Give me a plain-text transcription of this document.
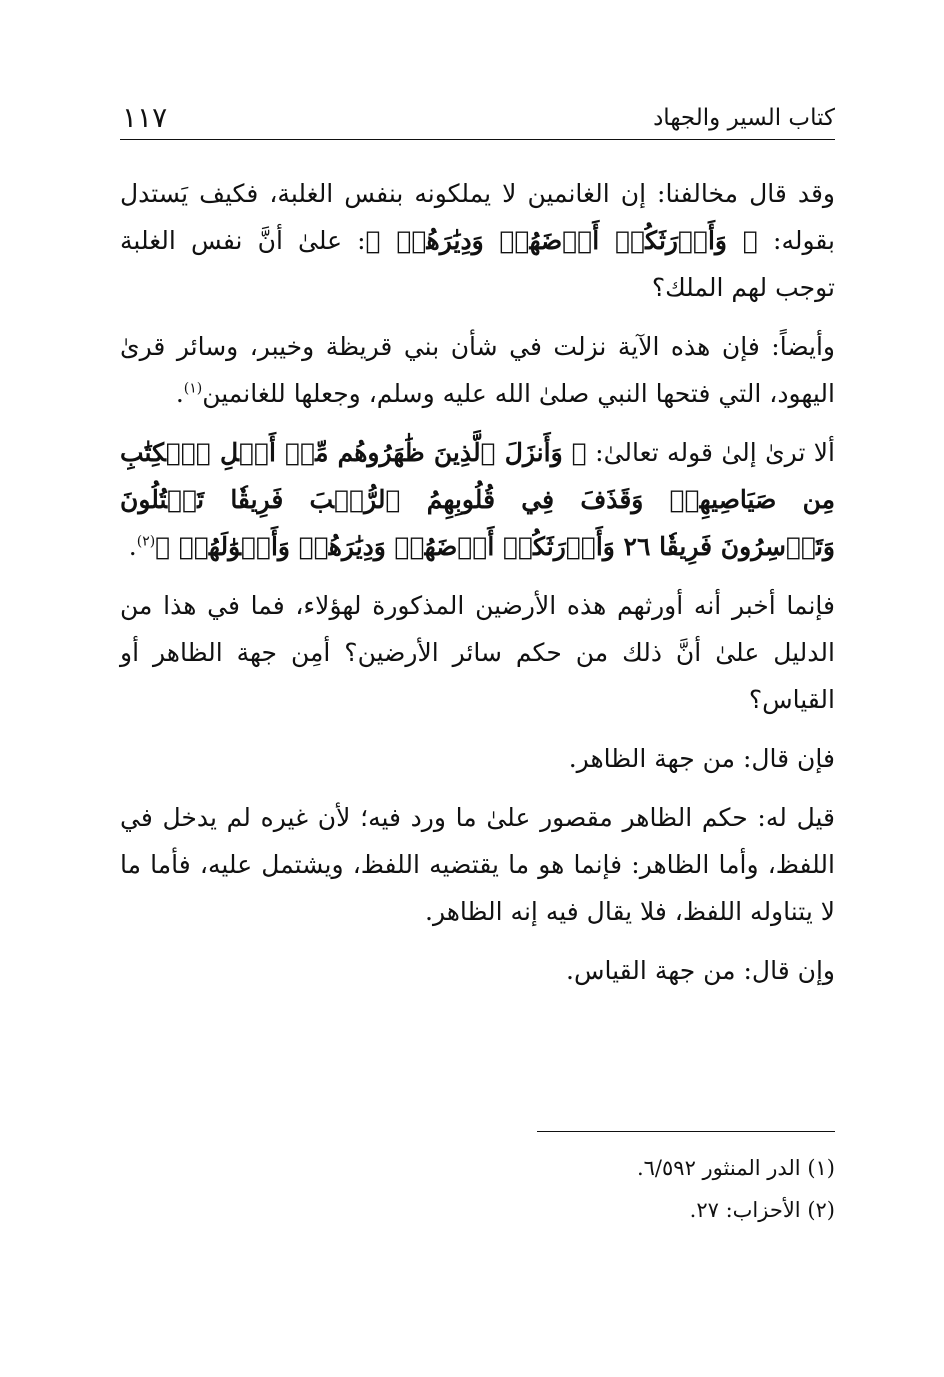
كتاب السير والجهاد
١١٧

وقد قال مخالفنا: إن الغانمين لا يملكونه بنفس الغلبة، فكيف يَستدل بقوله: ﴿ وَأَوۡرَثَكُمۡ أَرۡضَهُمۡ وَدِيَٰرَهُمۡ ﴾: علىٰ أنَّ نفس الغلبة توجب لهم الملك؟

وأيضاً: فإن هذه الآية نزلت في شأن بني قريظة وخيبر، وسائر قرىٰ اليهود، التي فتحها النبي صلىٰ الله عليه وسلم، وجعلها للغانمين$^{(١)}$.

ألا ترىٰ إلىٰ قوله تعالىٰ: ﴿ وَأَنزَلَ ٱلَّذِينَ ظَٰهَرُوهُم مِّنۡ أَهۡلِ ٱلۡكِتَٰبِ مِن صَيَاصِيهِمۡ وَقَذَفَ فِي قُلُوبِهِمُ ٱلرُّعۡبَ فَرِيقٗا تَقۡتُلُونَ وَتَأۡسِرُونَ فَرِيقٗا ٢٦ وَأَوۡرَثَكُمۡ أَرۡضَهُمۡ وَدِيَٰرَهُمۡ وَأَمۡوَٰلَهُمۡ ﴾$^{(٢)}$.

فإنما أخبر أنه أورثهم هذه الأرضين المذكورة لهؤلاء، فما في هذا من الدليل علىٰ أنَّ ذلك من حكم سائر الأرضين؟ أمِن جهة الظاهر أو القياس؟

فإن قال: من جهة الظاهر.

قيل له: حكم الظاهر مقصور علىٰ ما ورد فيه؛ لأن غيره لم يدخل في اللفظ، وأما الظاهر: فإنما هو ما يقتضيه اللفظ، ويشتمل عليه، فأما ما لا يتناوله اللفظ، فلا يقال فيه إنه الظاهر.

وإن قال: من جهة القياس.

(١) الدر المنثور ٦/٥٩٢.
(٢) الأحزاب: ٢٧.
